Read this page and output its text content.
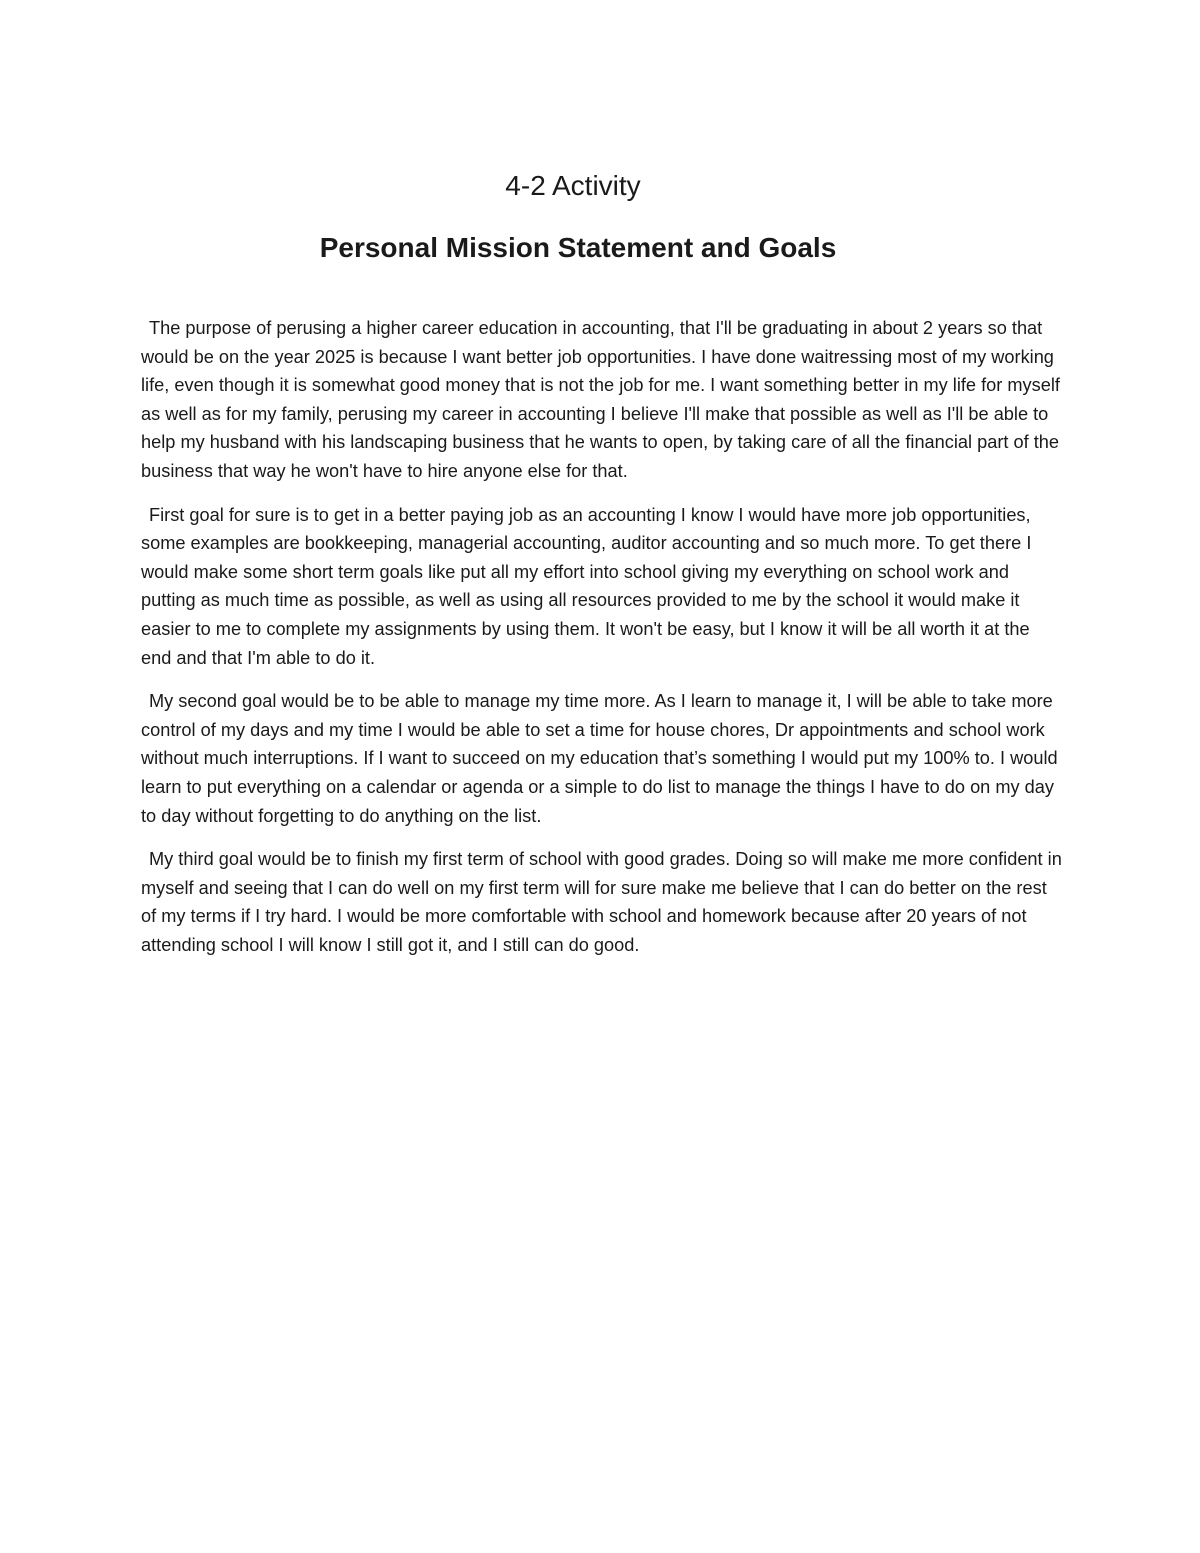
4-2 Activity
Personal Mission Statement and Goals

The purpose of perusing a higher career education in accounting, that I'll be graduating in about 2 years so that would be on the year 2025 is because I want better job opportunities. I have done waitressing most of my working life, even though it is somewhat good money that is not the job for me. I want something better in my life for myself as well as for my family, perusing my career in accounting I believe I'll make that possible as well as I'll be able to help my husband with his landscaping business that he wants to open, by taking care of all the financial part of the business that way he won't have to hire anyone else for that.

First goal for sure is to get in a better paying job as an accounting I know I would have more job opportunities, some examples are bookkeeping, managerial accounting, auditor accounting and so much more. To get there I would make some short term goals like put all my effort into school giving my everything on school work and putting as much time as possible, as well as using all resources provided to me by the school it would make it easier to me to complete my assignments by using them. It won't be easy, but I know it will be all worth it at the end and that I'm able to do it.

My second goal would be to be able to manage my time more. As I learn to manage it, I will be able to take more control of my days and my time I would be able to set a time for house chores, Dr appointments and school work without much interruptions. If I want to succeed on my education that’s something I would put my 100% to. I would learn to put everything on a calendar or agenda or a simple to do list to manage the things I have to do on my day to day without forgetting to do anything on the list.

My third goal would be to finish my first term of school with good grades. Doing so will make me more confident in myself and seeing that I can do well on my first term will for sure make me believe that I can do better on the rest of my terms if I try hard. I would be more comfortable with school and homework because after 20 years of not attending school I will know I still got it, and I still can do good.
